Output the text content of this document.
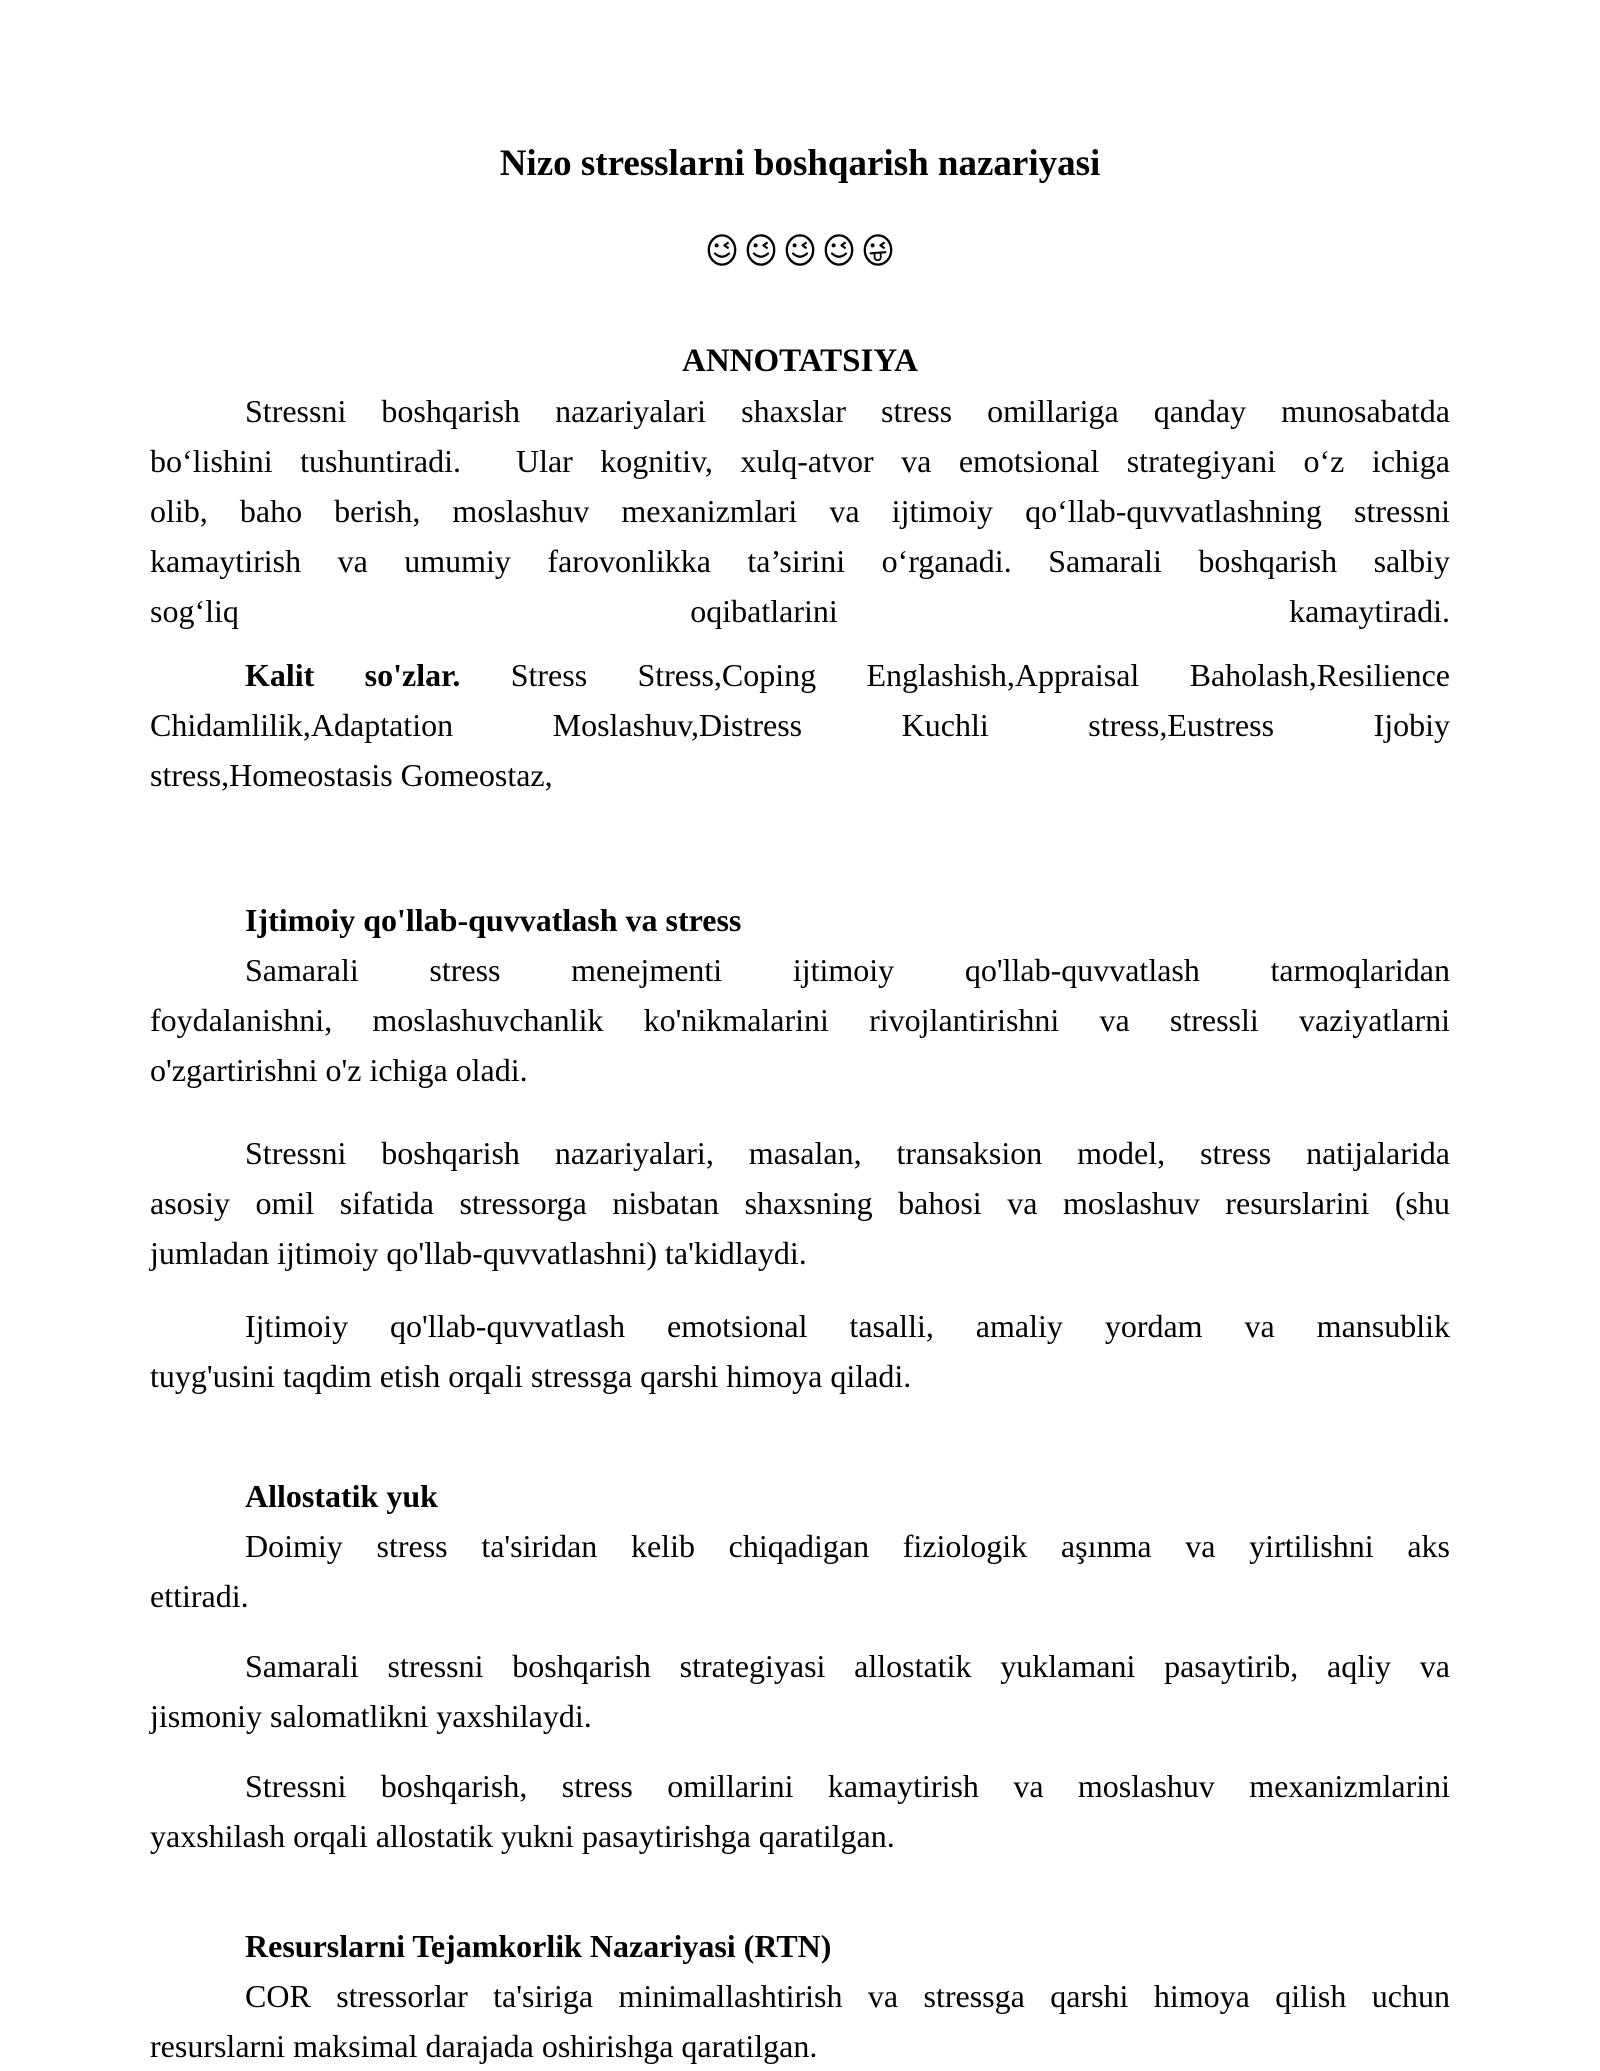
Nizo stresslarni boshqarish nazariyasi
ANNOTATSIYA
Stressni boshqarish nazariyalari shaxslar stress omillariga qanday munosabatda
bo‘lishini tushuntiradi.  Ular kognitiv, xulq-atvor va emotsional strategiyani o‘z ichiga
olib, baho berish, moslashuv mexanizmlari va ijtimoiy qo‘llab-quvvatlashning stressni
kamaytirish va umumiy farovonlikka ta’sirini o‘rganadi. Samarali boshqarish salbiy
sog‘liq oqibatlarini kamaytiradi.
Kalit so'zlar. Stress Stress,Coping Englashish,Appraisal Baholash,Resilience
Chidamlilik,Adaptation Moslashuv,Distress Kuchli stress,Eustress Ijobiy
stress,Homeostasis Gomeostaz,
Ijtimoiy qo'llab-quvvatlash va stress
Samarali stress menejmenti ijtimoiy qo'llab-quvvatlash tarmoqlaridan
foydalanishni, moslashuvchanlik ko'nikmalarini rivojlantirishni va stressli vaziyatlarni
o'zgartirishni o'z ichiga oladi.
Stressni boshqarish nazariyalari, masalan, transaksion model, stress natijalarida
asosiy omil sifatida stressorga nisbatan shaxsning bahosi va moslashuv resurslarini (shu
jumladan ijtimoiy qo'llab-quvvatlashni) ta'kidlaydi.
Ijtimoiy qo'llab-quvvatlash emotsional tasalli, amaliy yordam va mansublik
tuyg'usini taqdim etish orqali stressga qarshi himoya qiladi.
Allostatik yuk
Doimiy stress ta'siridan kelib chiqadigan fiziologik aşınma va yirtilishni aks
ettiradi.
Samarali stressni boshqarish strategiyasi allostatik yuklamani pasaytirib, aqliy va
jismoniy salomatlikni yaxshilaydi.
Stressni boshqarish, stress omillarini kamaytirish va moslashuv mexanizmlarini
yaxshilash orqali allostatik yukni pasaytirishga qaratilgan.
Resurslarni Tejamkorlik Nazariyasi (RTN)
COR stressorlar ta'siriga minimallashtirish va stressga qarshi himoya qilish uchun
resurslarni maksimal darajada oshirishga qaratilgan.
